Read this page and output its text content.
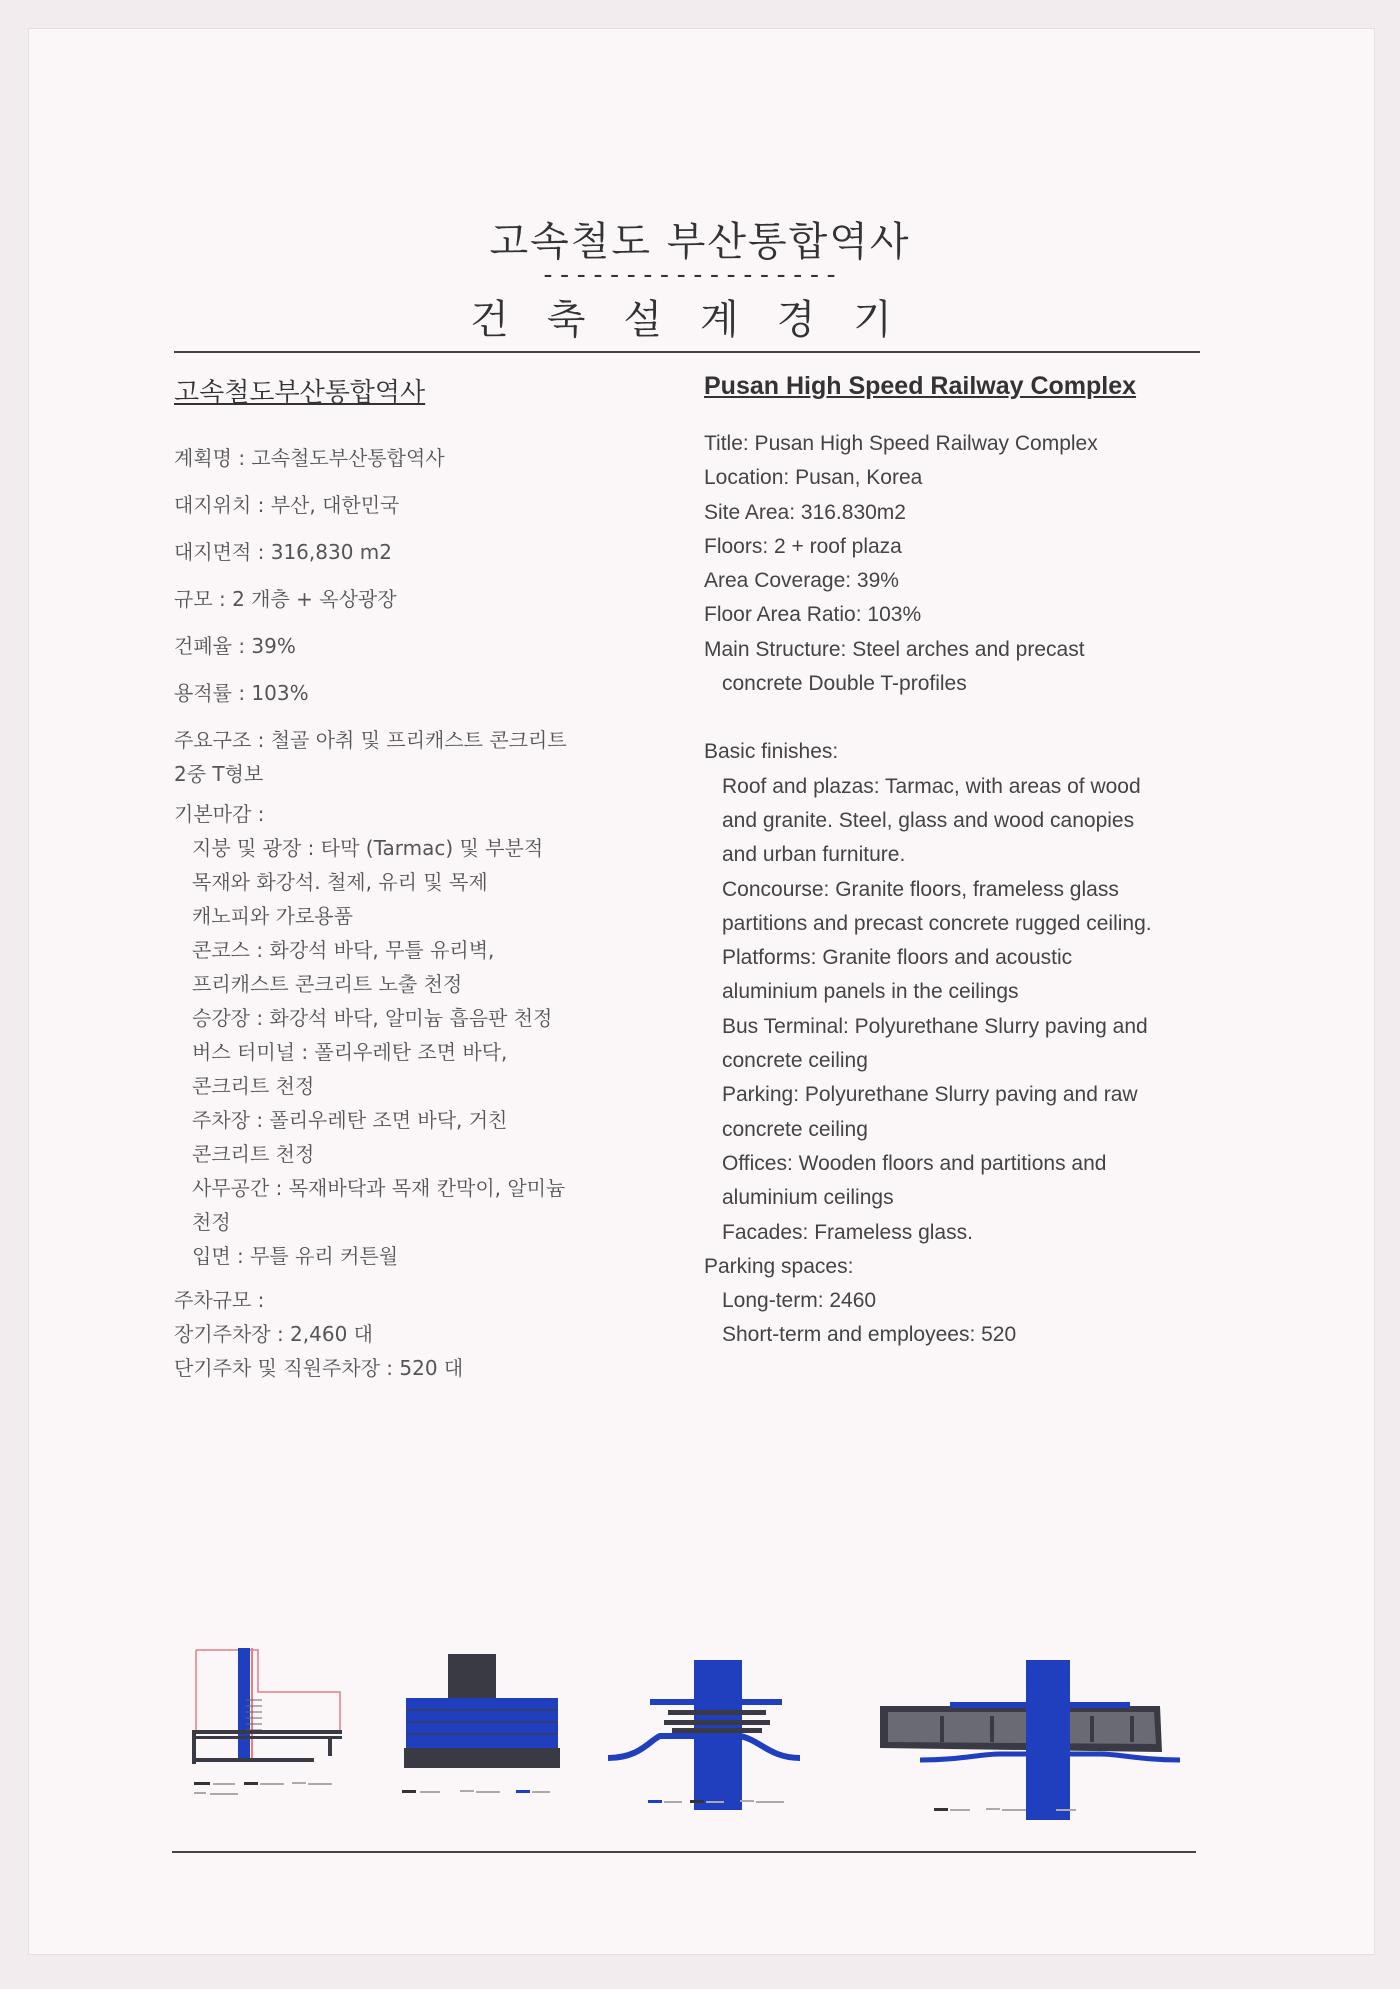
고속철도 부산통합역사
------------------
건축설계경기
고속철도부산통합역사
계획명 : 고속철도부산통합역사
대지위치 : 부산, 대한민국
대지면적 : 316,830 m2
규모 : 2 개층 + 옥상광장
건폐율 : 39%
용적률 : 103%
주요구조 : 철골 아취 및 프리캐스트 콘크리트
2중 T형보
기본마감 :
지붕 및 광장 : 타막 (Tarmac) 및 부분적
목재와 화강석. 철제, 유리 및 목제
캐노피와 가로용품
콘코스 : 화강석 바닥, 무틀 유리벽,
프리캐스트 콘크리트 노출 천정
승강장 : 화강석 바닥, 알미늄 흡음판 천정
버스 터미널 : 폴리우레탄 조면 바닥,
콘크리트 천정
주차장 : 폴리우레탄 조면 바닥, 거친
콘크리트 천정
사무공간 : 목재바닥과 목재 칸막이, 알미늄
천정
입면 : 무틀 유리 커튼월
주차규모 :
장기주차장 : 2,460 대
단기주차 및 직원주차장 : 520 대
Pusan High Speed Railway Complex
Title: Pusan High Speed Railway Complex
Location: Pusan, Korea
Site Area: 316.830m2
Floors: 2 + roof plaza
Area Coverage: 39%
Floor Area Ratio: 103%
Main Structure: Steel arches and precast
concrete Double T-profiles
Basic finishes:
Roof and plazas: Tarmac, with areas of wood
and granite. Steel, glass and wood canopies
and urban furniture.
Concourse: Granite floors, frameless glass
partitions and precast concrete rugged ceiling.
Platforms: Granite floors and acoustic
aluminium panels in the ceilings
Bus Terminal: Polyurethane Slurry paving and
concrete ceiling
Parking: Polyurethane Slurry paving and raw
concrete ceiling
Offices: Wooden floors and partitions and
aluminium ceilings
Facades: Frameless glass.
Parking spaces:
Long-term: 2460
Short-term and employees: 520
